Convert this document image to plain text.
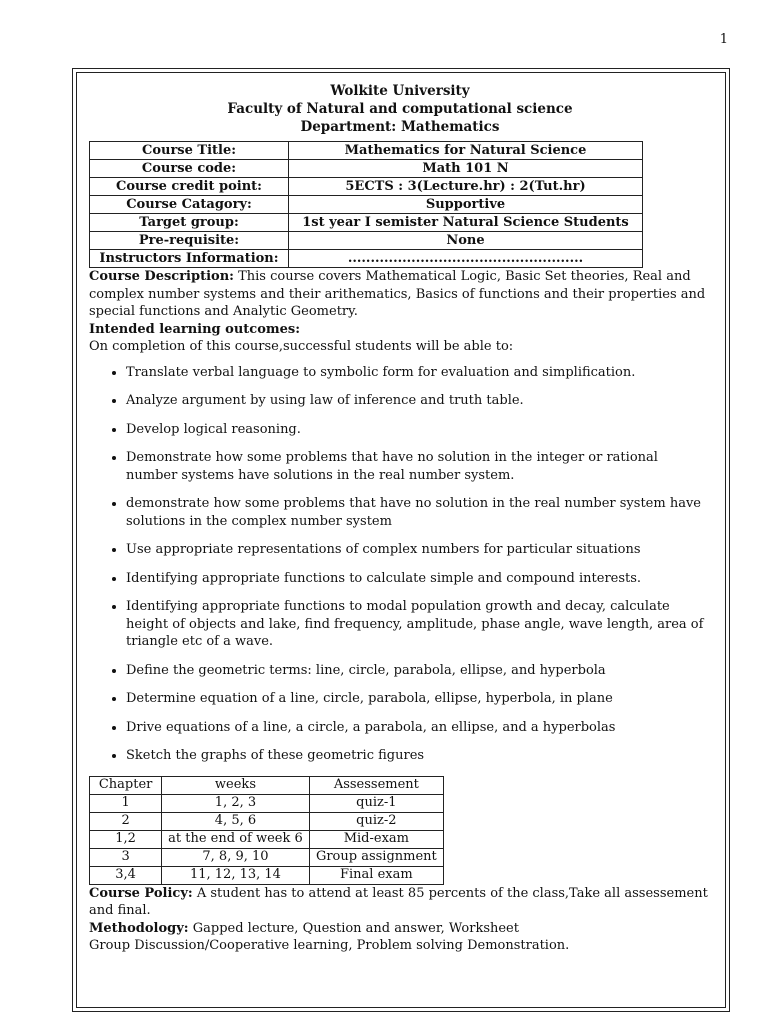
1
Wolkite University
Faculty of Natural and computational science
Department: Mathematics
Course Title:	Mathematics for Natural Science
Course code:	Math 101 N
Course credit point:	5ECTS : 3(Lecture.hr) : 2(Tut.hr)
Course Catagory:	Supportive
Target group:	1st year I semister Natural Science Students
Pre-requisite:	None
Instructors Information:	....................................................

Course Description: This course covers Mathematical Logic, Basic Set theories, Real and complex number systems and their arithematics, Basics of functions and their properties and special functions and Analytic Geometry.

Intended learning outcomes:

On completion of this course,successful students will be able to:

• Translate verbal language to symbolic form for evaluation and simplification.
• Analyze argument by using law of inference and truth table.
• Develop logical reasoning.
• Demonstrate how some problems that have no solution in the integer or rational number systems have solutions in the real number system.
• demonstrate how some problems that have no solution in the real number system have solutions in the complex number system
• Use appropriate representations of complex numbers for particular situations
• Identifying appropriate functions to calculate simple and compound interests.
• Identifying appropriate functions to modal population growth and decay, calculate height of objects and lake, find frequency, amplitude, phase angle, wave length, area of triangle etc of a wave.
• Define the geometric terms: line, circle, parabola, ellipse, and hyperbola
• Determine equation of a line, circle, parabola, ellipse, hyperbola, in plane
• Drive equations of a line, a circle, a parabola, an ellipse, and a hyperbolas
• Sketch the graphs of these geometric figures
Chapter	weeks	Assessement
1	1, 2, 3	quiz-1
2	4, 5, 6	quiz-2
1,2	at the end of week 6	Mid-exam
3	7, 8, 9, 10	Group assignment
3,4	11, 12, 13, 14	Final exam

Course Policy: A student has to attend at least 85 percents of the class,Take all assessement and final.

Methodology: Gapped lecture, Question and answer, Worksheet

Group Discussion/Cooperative learning, Problem solving Demonstration.
